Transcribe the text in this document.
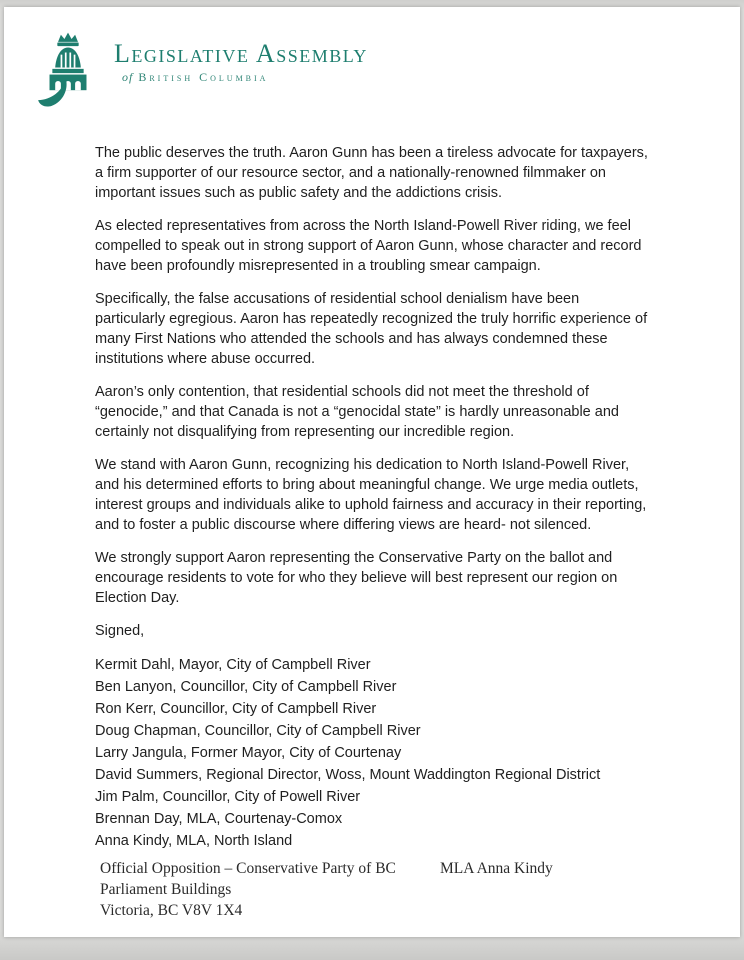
Legislative Assembly
of British Columbia

The public deserves the truth. Aaron Gunn has been a tireless advocate for taxpayers, a firm supporter of our resource sector, and a nationally-renowned filmmaker on important issues such as public safety and the addictions crisis.

As elected representatives from across the North Island-Powell River riding, we feel compelled to speak out in strong support of Aaron Gunn, whose character and record have been profoundly misrepresented in a troubling smear campaign.

Specifically, the false accusations of residential school denialism have been particularly egregious. Aaron has repeatedly recognized the truly horrific experience of many First Nations who attended the schools and has always condemned these institutions where abuse occurred.

Aaron’s only contention, that residential schools did not meet the threshold of “genocide,” and that Canada is not a “genocidal state” is hardly unreasonable and certainly not disqualifying from representing our incredible region.

We stand with Aaron Gunn, recognizing his dedication to North Island-Powell River, and his determined efforts to bring about meaningful change. We urge media outlets, interest groups and individuals alike to uphold fairness and accuracy in their reporting, and to foster a public discourse where differing views are heard- not silenced.

We strongly support Aaron representing the Conservative Party on the ballot and encourage residents to vote for who they believe will best represent our region on Election Day.

Signed,

Kermit Dahl, Mayor, City of Campbell River
Ben Lanyon, Councillor, City of Campbell River
Ron Kerr, Councillor, City of Campbell River
Doug Chapman, Councillor, City of Campbell River
Larry Jangula, Former Mayor, City of Courtenay
David Summers, Regional Director, Woss, Mount Waddington Regional District
Jim Palm, Councillor, City of Powell River
Brennan Day, MLA, Courtenay-Comox
Anna Kindy, MLA, North Island
Official Opposition – Conservative Party of BC
Parliament Buildings
Victoria, BC V8V 1X4
MLA Anna Kindy
